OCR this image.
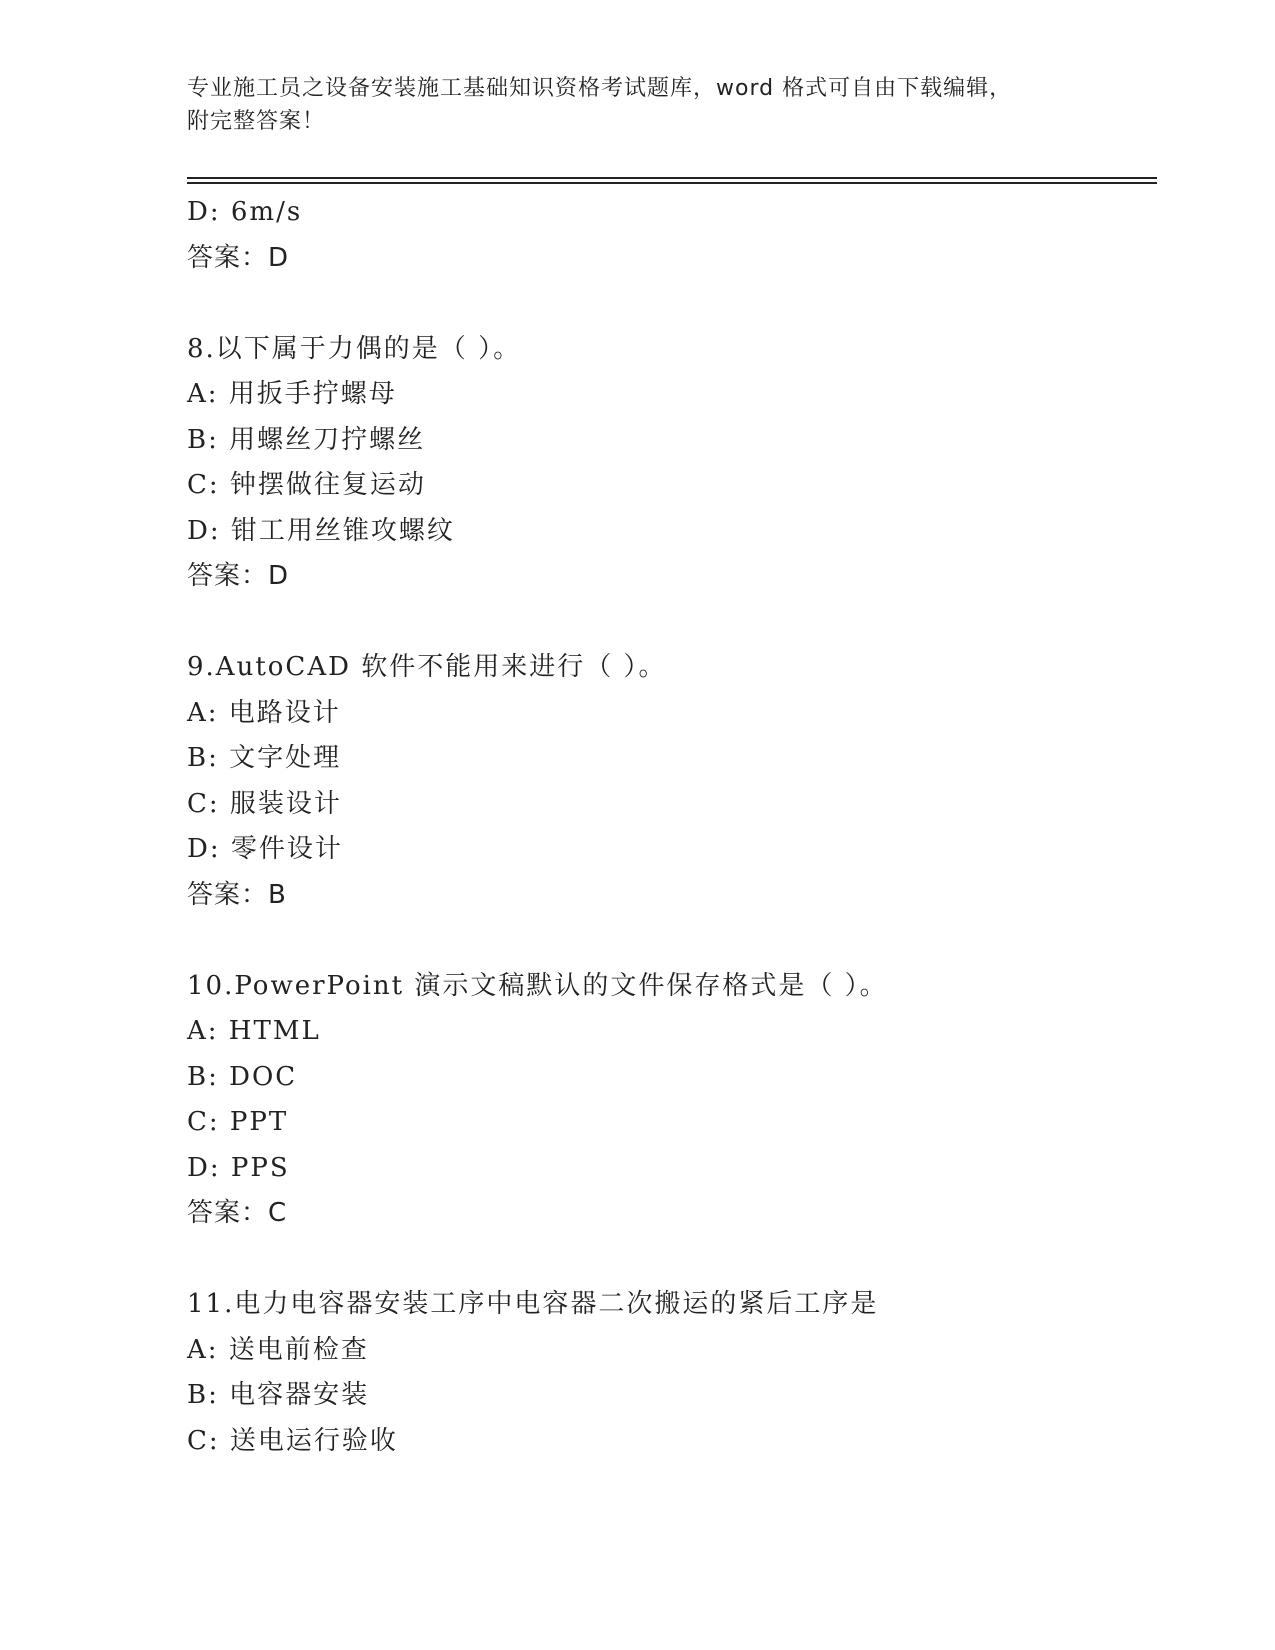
专业施工员之设备安装施工基础知识资格考试题库，word 格式可自由下载编辑，
附完整答案！
D: 6m/s
答案：D
8.以下属于力偶的是（ ）。
A: 用扳手拧螺母
B: 用螺丝刀拧螺丝
C: 钟摆做往复运动
D: 钳工用丝锥攻螺纹
答案：D
9.AutoCAD 软件不能用来进行（ ）。
A: 电路设计
B: 文字处理
C: 服装设计
D: 零件设计
答案：B
10.PowerPoint 演示文稿默认的文件保存格式是（ ）。
A: HTML
B: DOC
C: PPT
D: PPS
答案：C
11.电力电容器安装工序中电容器二次搬运的紧后工序是
A: 送电前检查
B: 电容器安装
C: 送电运行验收
